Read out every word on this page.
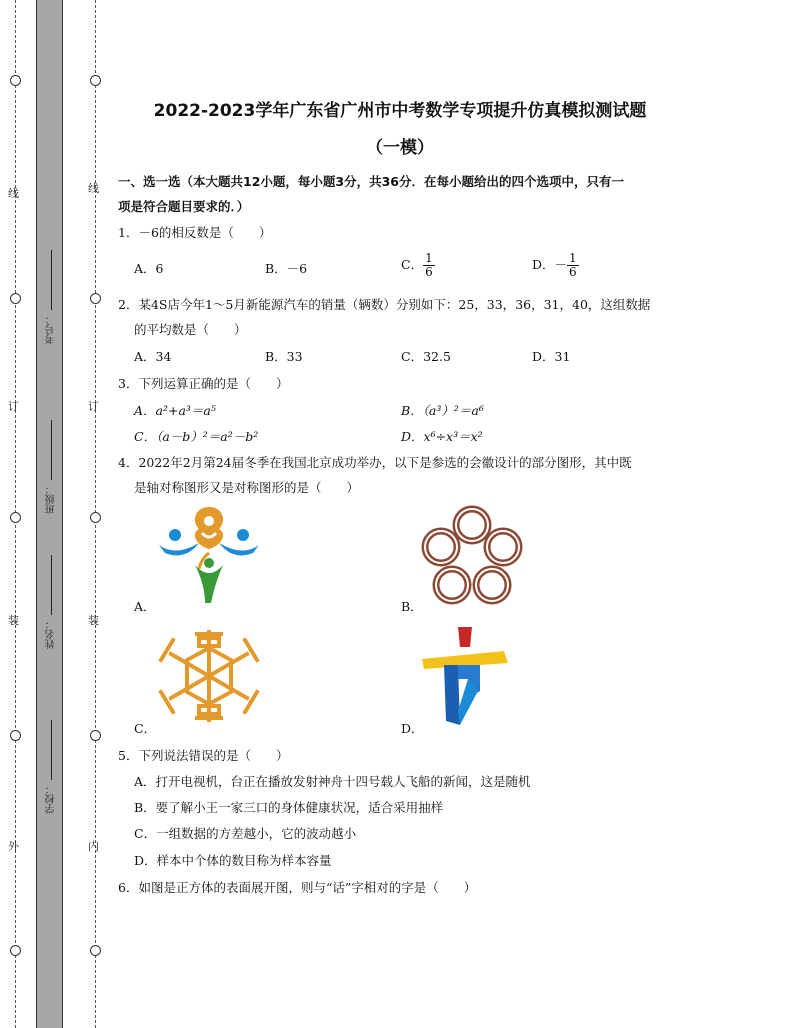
线
订
装
外
线
订
装
内
考号：
班级：
姓名：
学校：
2022-2023学年广东省广州市中考数学专项提升仿真模拟测试题
（一模）
一、选一选（本大题共12小题，每小题3分，共36分．在每小题给出的四个选项中，只有一
项是符合题目要求的．）
1．－6的相反数是（　　）
A．6	B．－6	C． $\frac{1}{6}$	D．－ $\frac{1}{6}$
2．某4S店今年1～5月新能源汽车的销量（辆数）分别如下：25，33，36，31，40，这组数据
的平均数是（　　）
A．34	B．33	C．32.5	D．31
3．下列运算正确的是（　　）
A．a²+a³＝a⁵	B．（a³）²＝a⁶
C．（a－b）²＝a²－b²	D．x⁶÷x³＝x²
4．2022年2月第24届冬季在我国北京成功举办，以下是参选的会徽设计的部分图形，其中既
是轴对称图形又是对称图形的是（　　）
A．	B．
C．	D．
5．下列说法错误的是（　　）
A．打开电视机，台正在播放发射神舟十四号载人飞船的新闻，这是随机
B．要了解小王一家三口的身体健康状况，适合采用抽样
C．一组数据的方差越小，它的波动越小
D．样本中个体的数目称为样本容量
6．如图是正方体的表面展开图，则与“话”字相对的字是（　　）
